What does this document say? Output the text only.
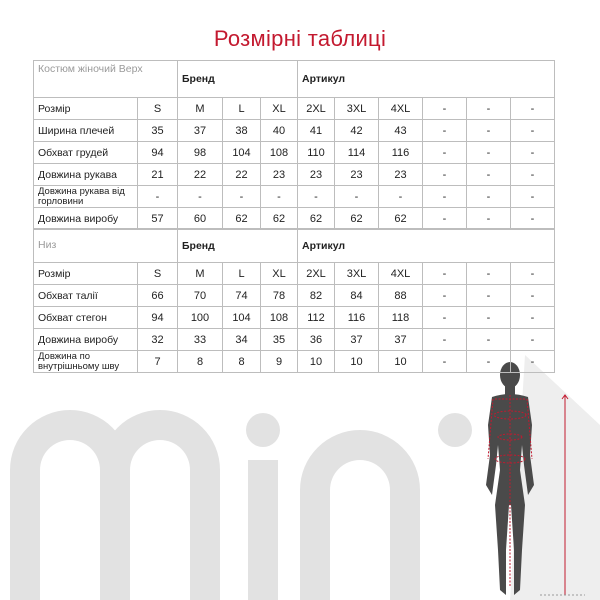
Розмірні таблиці
Костюм жіночий Верх		Бренд			Артикул					
Розмір	S	M	L	XL	2XL	3XL	4XL	-	-	-
Ширина плечей	35	37	38	40	41	42	43	-	-	-
Обхват грудей	94	98	104	108	110	114	116	-	-	-
Довжина рукава	21	22	22	23	23	23	23	-	-	-
Довжина рукава від горловини	-	-	-	-	-	-	-	-	-	-
Довжина виробу	57	60	62	62	62	62	62	-	-	-
Низ		Бренд			Артикул					
Розмір	S	M	L	XL	2XL	3XL	4XL	-	-	-
Обхват талії	66	70	74	78	82	84	88	-	-	-
Обхват стегон	94	100	104	108	112	116	118	-	-	-
Довжина виробу	32	33	34	35	36	37	37	-	-	-
Довжина по внутрішньому шву	7	8	8	9	10	10	10	-	-	-
